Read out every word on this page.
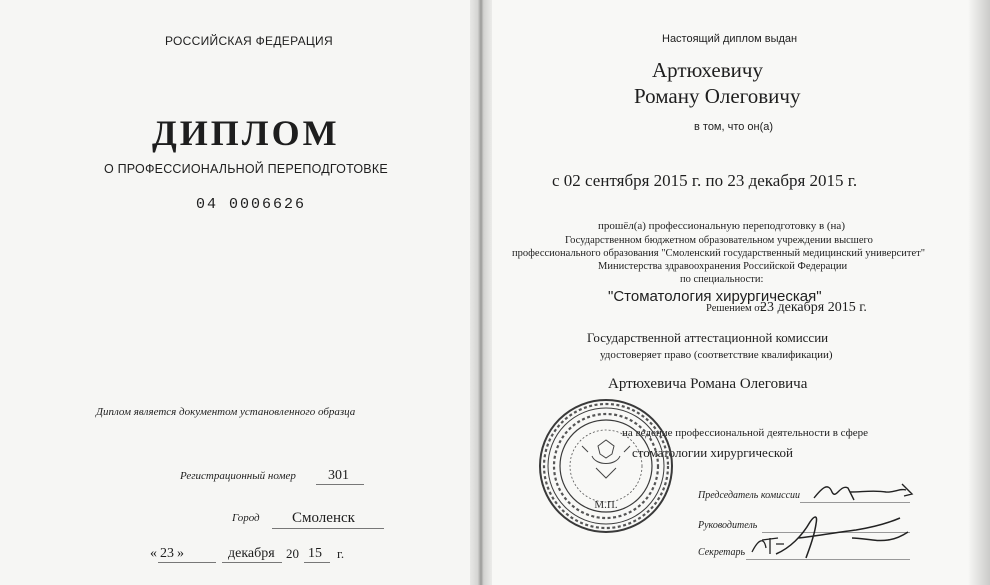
РОССИЙСКАЯ ФЕДЕРАЦИЯ
ДИПЛОМ
О ПРОФЕССИОНАЛЬНОЙ ПЕРЕПОДГОТОВКЕ
04 0006626
Диплом является документом установленного образца
Регистрационный номер 301
Город Смоленск
« 23 »	декабря 20 15 г.
Настоящий диплом выдан
Артюхевичу
Роману Олеговичу
в том, что он(а)
с 02 сентября 2015 г. по 23 декабря 2015 г.
прошёл(а) профессиональную переподготовку в (на)
Государственном бюджетном образовательном учреждении высшего
профессионального образования "Смоленский государственный медицинский университет"
Министерства здравоохранения Российской Федерации
по специальности:
"Стоматология хирургическая"
Решением от
23 декабря 2015 г.
Государственной аттестационной комиссии
удостоверяет право (соответствие квалификации)
Артюхевича Романа Олеговича
на ведение профессиональной деятельности в сфере
стоматологии хирургической
Председатель комиссии
Руководитель
Секретарь
М.П.
